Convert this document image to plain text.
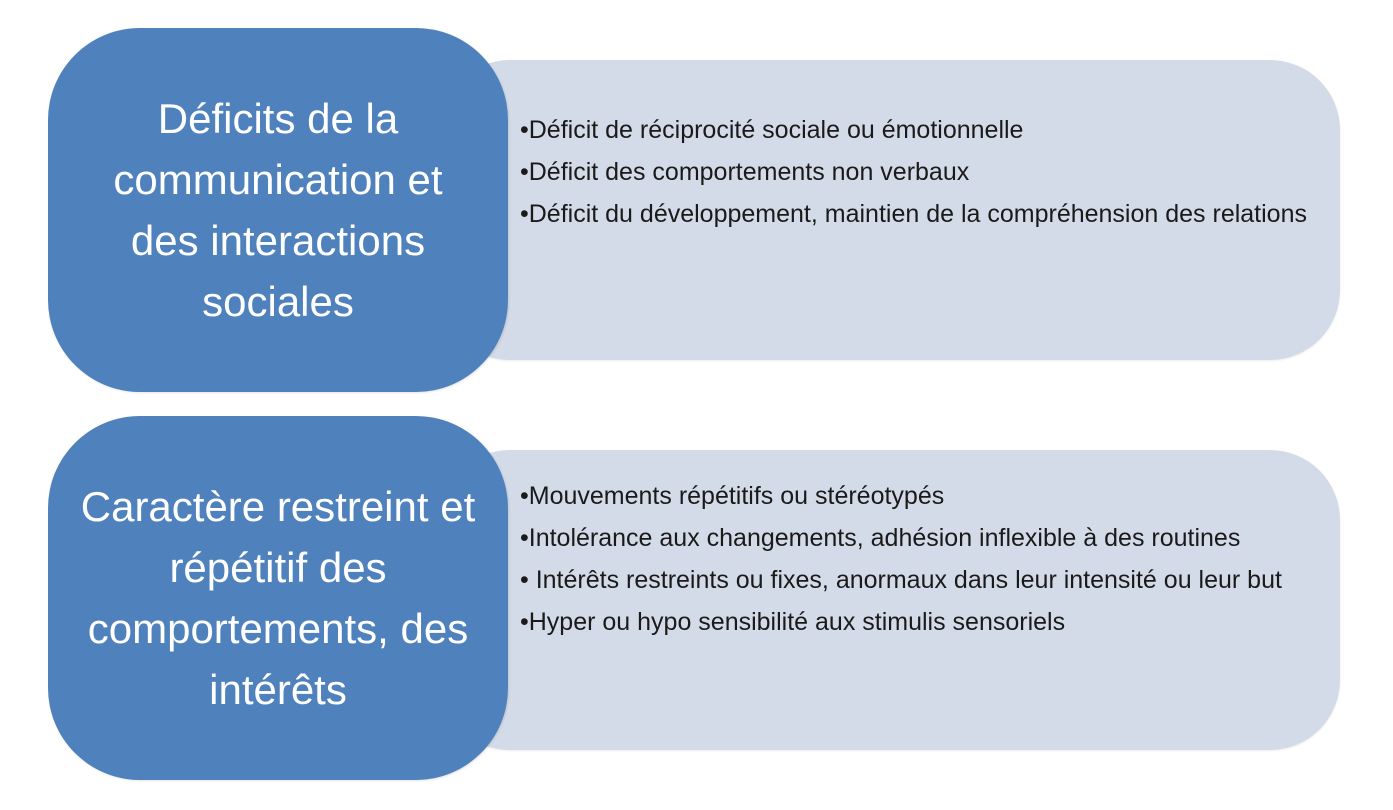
•Déficit de réciprocité sociale ou émotionnelle
•Déficit des comportements non verbaux
•Déficit du développement, maintien de la compréhension des relations
Déficits de la communication et des interactions sociales
•Mouvements répétitifs ou stéréotypés
•Intolérance aux changements, adhésion inflexible à des routines
• Intérêts restreints ou fixes, anormaux dans leur intensité ou leur but
•Hyper ou hypo sensibilité aux stimulis sensoriels
Caractère restreint et répétitif des comportements, des intérêts
